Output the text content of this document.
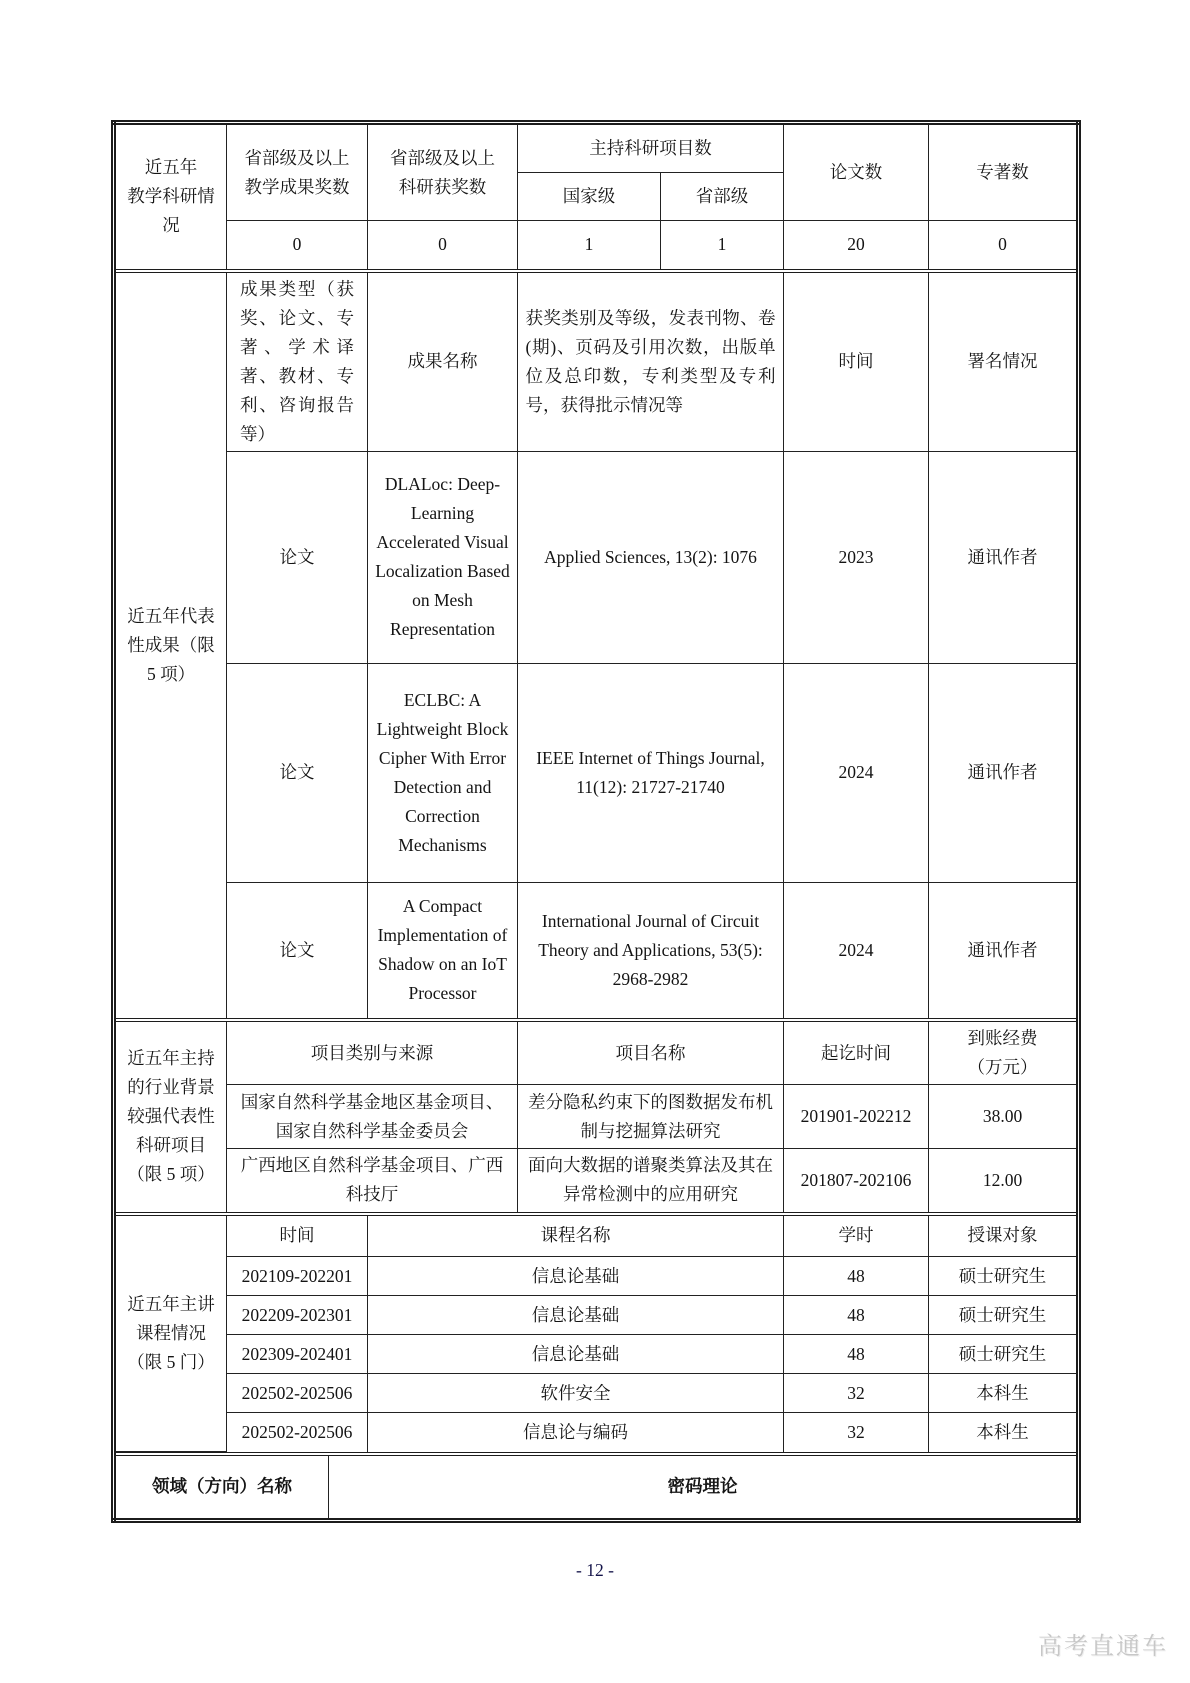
近五年
教学科研情况	省部级及以上教学成果奖数	省部级及以上科研获奖数	主持科研项目数		论文数	专著数
			国家级	省部级		
	0	0	1	1	20	0

近五年代表
性成果（限
5 项）	成果类型（获奖、论文、专著、学术译著、教材、专利、咨询报告等）	成果名称	获奖类别及等级，发表刊物、卷(期)、页码及引用次数，出版单位及总印数，专利类型及专利号，获得批示情况等		时间	署名情况
	论文	DLALoc: Deep-Learning Accelerated Visual Localization Based on Mesh Representation	Applied Sciences, 13(2): 1076		2023	通讯作者
	论文	ECLBC: A Lightweight Block Cipher With Error Detection and Correction Mechanisms	IEEE Internet of Things Journal, 11(12): 21727-21740		2024	通讯作者
	论文	A Compact Implementation of Shadow on an IoT Processor	International Journal of Circuit Theory and Applications, 53(5): 2968-2982		2024	通讯作者

近五年主持
的行业背景
较强代表性
科研项目
（限 5 项）	项目类别与来源		项目名称		起讫时间	到账经费（万元）

	国家自然科学基金地区基金项目、国家自然科学基金委员会		差分隐私约束下的图数据发布机制与挖掘算法研究		201901-202212	38.00
	广西地区自然科学基金项目、广西科技厅		面向大数据的谱聚类算法及其在异常检测中的应用研究		201807-202106	12.00

近五年主讲
课程情况
（限 5 门）	时间	课程名称			学时	授课对象
	202109-202201	信息论基础			48	硕士研究生
	202209-202301	信息论基础			48	硕士研究生
	202309-202401	信息论基础			48	硕士研究生
	202502-202506	软件安全			32	本科生
	202502-202506	信息论与编码			32	本科生
领域（方向）名称	密码理论
- 12 -
高考直通车
